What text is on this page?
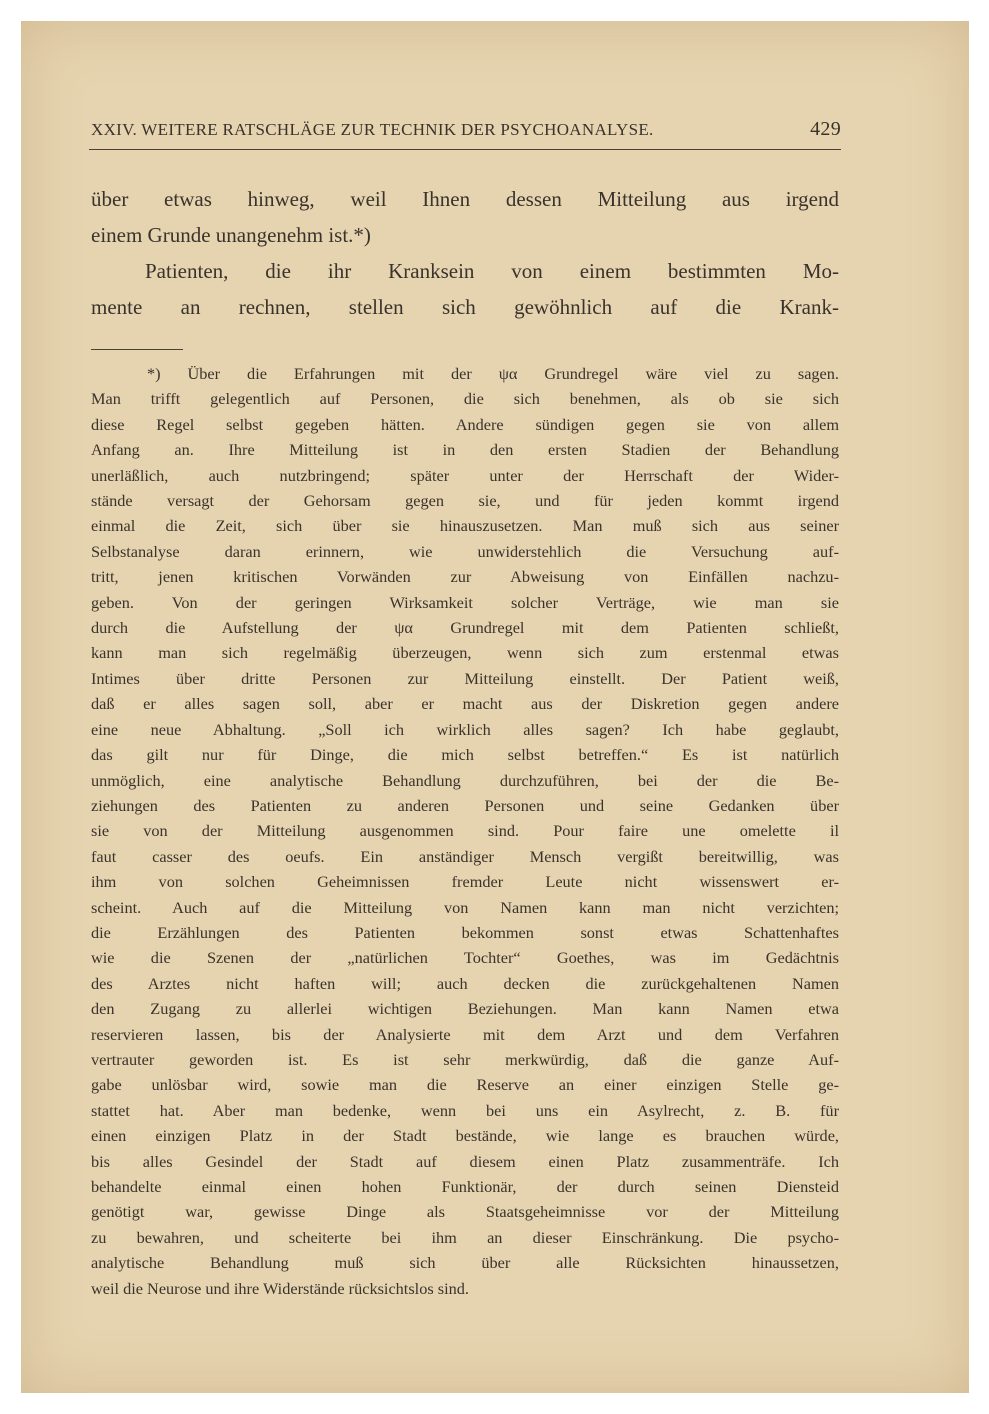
XXIV. WEITERE RATSCHLÄGE ZUR TECHNIK DER PSYCHOANALYSE.	429
über etwas hinweg, weil Ihnen dessen Mitteilung aus irgend
einem Grunde unangenehm ist.*)
Patienten, die ihr Kranksein von einem bestimmten Mo-
mente an rechnen, stellen sich gewöhnlich auf die Krank-
*) Über die Erfahrungen mit der ψα Grundregel wäre viel zu sagen.
Man trifft gelegentlich auf Personen, die sich benehmen, als ob sie sich
diese Regel selbst gegeben hätten. Andere sündigen gegen sie von allem
Anfang an. Ihre Mitteilung ist in den ersten Stadien der Behandlung
unerläßlich, auch nutzbringend; später unter der Herrschaft der Wider-
stände versagt der Gehorsam gegen sie, und für jeden kommt irgend
einmal die Zeit, sich über sie hinauszusetzen. Man muß sich aus seiner
Selbstanalyse daran erinnern, wie unwiderstehlich die Versuchung auf-
tritt, jenen kritischen Vorwänden zur Abweisung von Einfällen nachzu-
geben. Von der geringen Wirksamkeit solcher Verträge, wie man sie
durch die Aufstellung der ψα Grundregel mit dem Patienten schließt,
kann man sich regelmäßig überzeugen, wenn sich zum erstenmal etwas
Intimes über dritte Personen zur Mitteilung einstellt. Der Patient weiß,
daß er alles sagen soll, aber er macht aus der Diskretion gegen andere
eine neue Abhaltung. „Soll ich wirklich alles sagen? Ich habe geglaubt,
das gilt nur für Dinge, die mich selbst betreffen.“ Es ist natürlich
unmöglich, eine analytische Behandlung durchzuführen, bei der die Be-
ziehungen des Patienten zu anderen Personen und seine Gedanken über
sie von der Mitteilung ausgenommen sind. Pour faire une omelette il
faut casser des oeufs. Ein anständiger Mensch vergißt bereitwillig, was
ihm von solchen Geheimnissen fremder Leute nicht wissenswert er-
scheint. Auch auf die Mitteilung von Namen kann man nicht verzichten;
die Erzählungen des Patienten bekommen sonst etwas Schattenhaftes
wie die Szenen der „natürlichen Tochter“ Goethes, was im Gedächtnis
des Arztes nicht haften will; auch decken die zurückgehaltenen Namen
den Zugang zu allerlei wichtigen Beziehungen. Man kann Namen etwa
reservieren lassen, bis der Analysierte mit dem Arzt und dem Verfahren
vertrauter geworden ist. Es ist sehr merkwürdig, daß die ganze Auf-
gabe unlösbar wird, sowie man die Reserve an einer einzigen Stelle ge-
stattet hat. Aber man bedenke, wenn bei uns ein Asylrecht, z. B. für
einen einzigen Platz in der Stadt bestände, wie lange es brauchen würde,
bis alles Gesindel der Stadt auf diesem einen Platz zusammenträfe. Ich
behandelte einmal einen hohen Funktionär, der durch seinen Diensteid
genötigt war, gewisse Dinge als Staatsgeheimnisse vor der Mitteilung
zu bewahren, und scheiterte bei ihm an dieser Einschränkung. Die psycho-
analytische Behandlung muß sich über alle Rücksichten hinaussetzen,
weil die Neurose und ihre Widerstände rücksichtslos sind.
